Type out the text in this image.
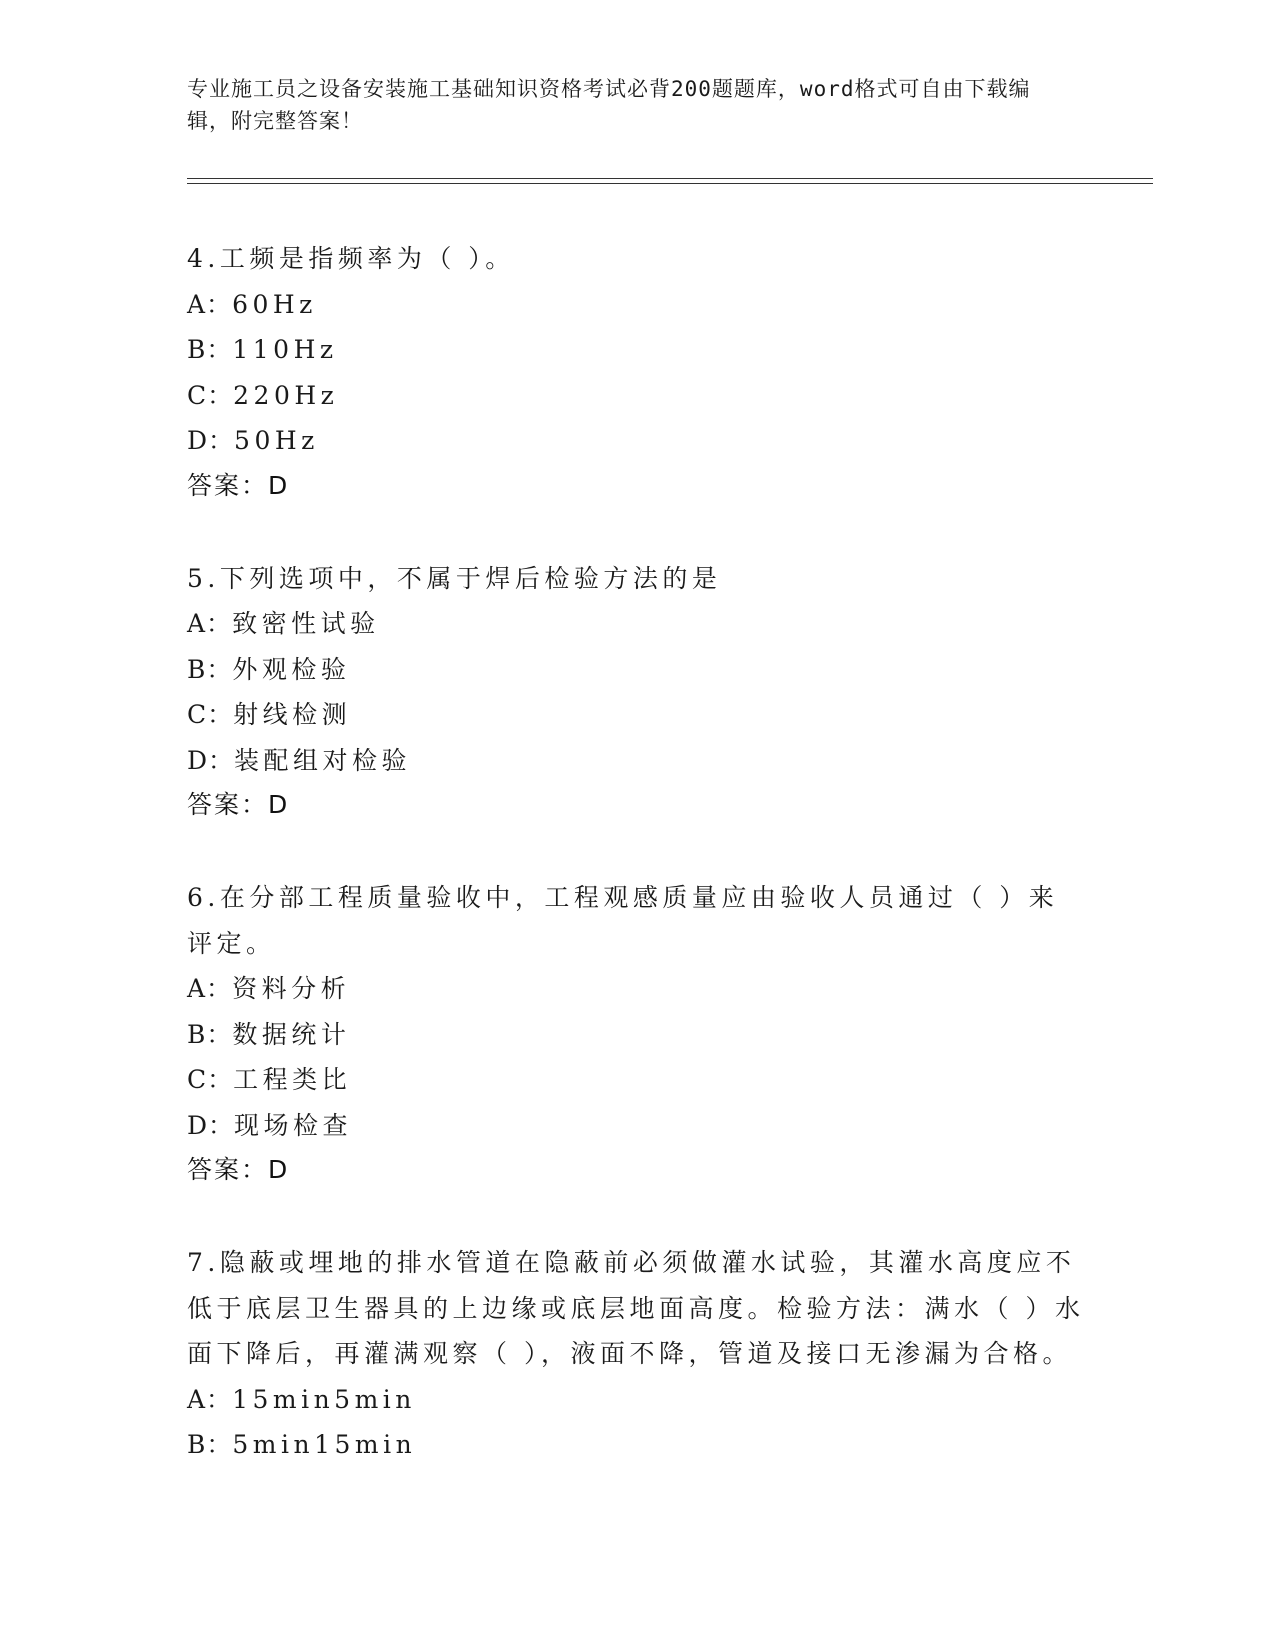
专业施工员之设备安装施工基础知识资格考试必背200题题库，word格式可自由下载编辑，附完整答案！

4.工频是指频率为（ ）。

A：60Hz

B：110Hz

C：220Hz

D：50Hz

答案：D

5.下列选项中，不属于焊后检验方法的是

A：致密性试验

B：外观检验

C：射线检测

D：装配组对检验

答案：D

6.在分部工程质量验收中，工程观感质量应由验收人员通过（ ）来评定。

A：资料分析

B：数据统计

C：工程类比

D：现场检查

答案：D

7.隐蔽或埋地的排水管道在隐蔽前必须做灌水试验，其灌水高度应不低于底层卫生器具的上边缘或底层地面高度。检验方法：满水（ ）水面下降后，再灌满观察（ ），液面不降，管道及接口无渗漏为合格。

A：15min5min

B：5min15min
